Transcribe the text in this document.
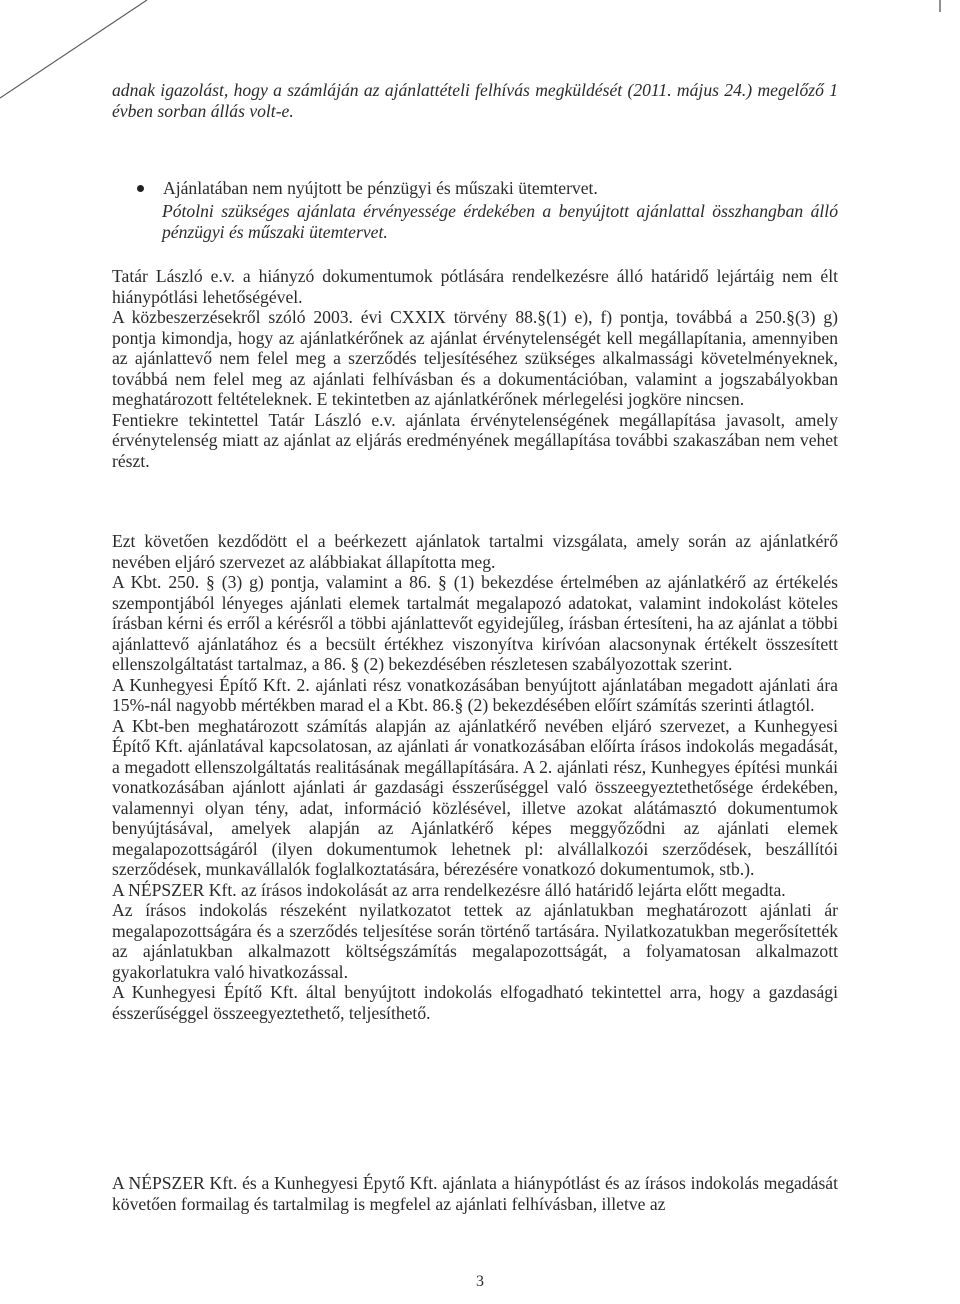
adnak igazolást, hogy a számláján az ajánlattételi felhívás megküldését (2011. május 24.) megelőző 1 évben sorban állás volt-e.

Ajánlatában nem nyújtott be pénzügyi és műszaki ütemtervet.

Pótolni szükséges ajánlata érvényessége érdekében a benyújtott ajánlattal összhangban álló pénzügyi és műszaki ütemtervet.

Tatár László e.v. a hiányzó dokumentumok pótlására rendelkezésre álló határidő lejártáig nem élt hiánypótlási lehetőségével.

A közbeszerzésekről szóló 2003. évi CXXIX törvény 88.§(1) e), f) pontja, továbbá a 250.§(3) g) pontja kimondja, hogy az ajánlatkérőnek az ajánlat érvénytelenségét kell megállapítania, amennyiben az ajánlattevő nem felel meg a szerződés teljesítéséhez szükséges alkalmassági követelményeknek, továbbá nem felel meg az ajánlati felhívásban és a dokumentációban, valamint a jogszabályokban meghatározott feltételeknek. E tekintetben az ajánlatkérőnek mérlegelési jogköre nincsen.

Fentiekre tekintettel Tatár László e.v. ajánlata érvénytelenségének megállapítása javasolt, amely érvénytelenség miatt az ajánlat az eljárás eredményének megállapítása további szakaszában nem vehet részt.

Ezt követően kezdődött el a beérkezett ajánlatok tartalmi vizsgálata, amely során az ajánlatkérő nevében eljáró szervezet az alábbiakat állapította meg.

A Kbt. 250. § (3) g) pontja, valamint a 86. § (1) bekezdése értelmében az ajánlatkérő az értékelés szempontjából lényeges ajánlati elemek tartalmát megalapozó adatokat, valamint indokolást köteles írásban kérni és erről a kérésről a többi ajánlattevőt egyidejűleg, írásban értesíteni, ha az ajánlat a többi ajánlattevő ajánlatához és a becsült értékhez viszonyítva kirívóan alacsonynak értékelt összesített ellenszolgáltatást tartalmaz, a 86. § (2) bekezdésében részletesen szabályozottak szerint.

A Kunhegyesi Építő Kft. 2. ajánlati rész vonatkozásában benyújtott ajánlatában megadott ajánlati ára 15%-nál nagyobb mértékben marad el a Kbt. 86.§ (2) bekezdésében előírt számítás szerinti átlagtól.

A Kbt-ben meghatározott számítás alapján az ajánlatkérő nevében eljáró szervezet, a Kunhegyesi Építő Kft. ajánlatával kapcsolatosan, az ajánlati ár vonatkozásában előírta írásos indokolás megadását, a megadott ellenszolgáltatás realitásának megállapítására. A 2. ajánlati rész, Kunhegyes építési munkái vonatkozásában ajánlott ajánlati ár gazdasági ésszerűséggel való összeegyeztethetősége érdekében, valamennyi olyan tény, adat, információ közlésével, illetve azokat alátámasztó dokumentumok benyújtásával, amelyek alapján az Ajánlatkérő képes meggyőződni az ajánlati elemek megalapozottságáról (ilyen dokumentumok lehetnek pl: alvállalkozói szerződések, beszállítói szerződések, munkavállalók foglalkoztatására, bérezésére vonatkozó dokumentumok, stb.).

A NÉPSZER Kft. az írásos indokolását az arra rendelkezésre álló határidő lejárta előtt megadta.

Az írásos indokolás részeként nyilatkozatot tettek az ajánlatukban meghatározott ajánlati ár megalapozottságára és a szerződés teljesítése során történő tartására. Nyilatkozatukban megerősítették az ajánlatukban alkalmazott költségszámítás megalapozottságát, a folyamatosan alkalmazott gyakorlatukra való hivatkozással.

A Kunhegyesi Építő Kft. által benyújtott indokolás elfogadható tekintettel arra, hogy a gazdasági ésszerűséggel összeegyeztethető, teljesíthető.

A NÉPSZER Kft. és a Kunhegyesi Épytő Kft. ajánlata a hiánypótlást és az írásos indokolás megadását követően formailag és tartalmilag is megfelel az ajánlati felhívásban, illetve az

3
